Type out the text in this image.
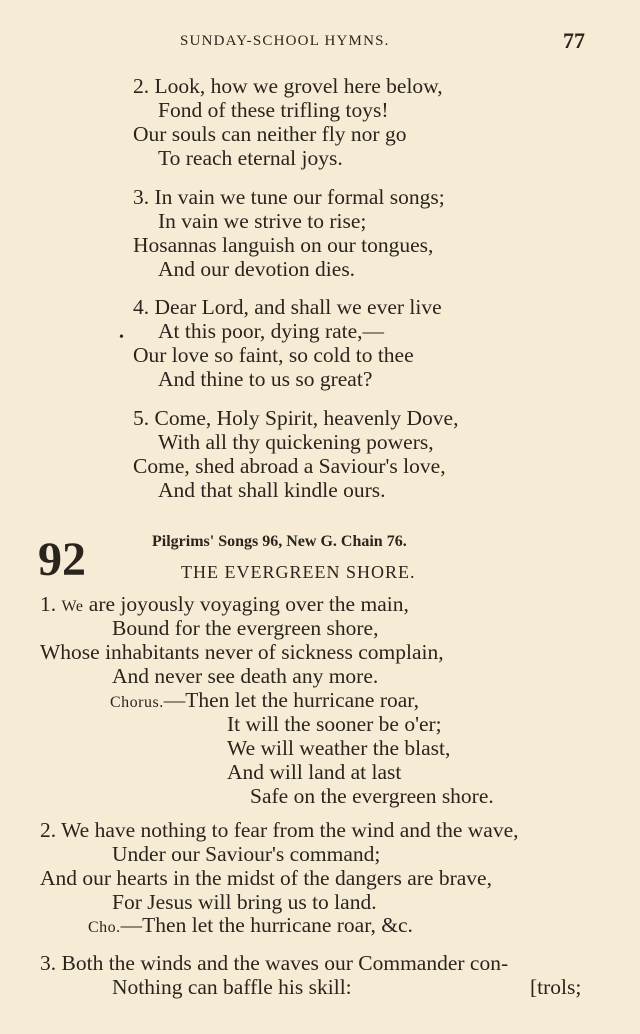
SUNDAY-SCHOOL HYMNS.	77
2. Look, how we grovel here below,
Fond of these trifling toys!
Our souls can neither fly nor go
To reach eternal joys.
3. In vain we tune our formal songs;
In vain we strive to rise;
Hosannas languish on our tongues,
And our devotion dies.
4. Dear Lord, and shall we ever live
• At this poor, dying rate,—
Our love so faint, so cold to thee
And thine to us so great?
5. Come, Holy Spirit, heavenly Dove,
With all thy quickening powers,
Come, shed abroad a Saviour's love,
And that shall kindle ours.
92	Pilgrims' Songs 96, New G. Chain 76.
THE EVERGREEN SHORE.
1. We are joyously voyaging over the main,
Bound for the evergreen shore,
Whose inhabitants never of sickness complain,
And never see death any more.
Chorus.—Then let the hurricane roar,
It will the sooner be o'er;
We will weather the blast,
And will land at last
Safe on the evergreen shore.
2. We have nothing to fear from the wind and the wave,
Under our Saviour's command;
And our hearts in the midst of the dangers are brave,
For Jesus will bring us to land.
Cho.—Then let the hurricane roar, &c.
3. Both the winds and the waves our Commander con-
Nothing can baffle his skill:	[trols;
